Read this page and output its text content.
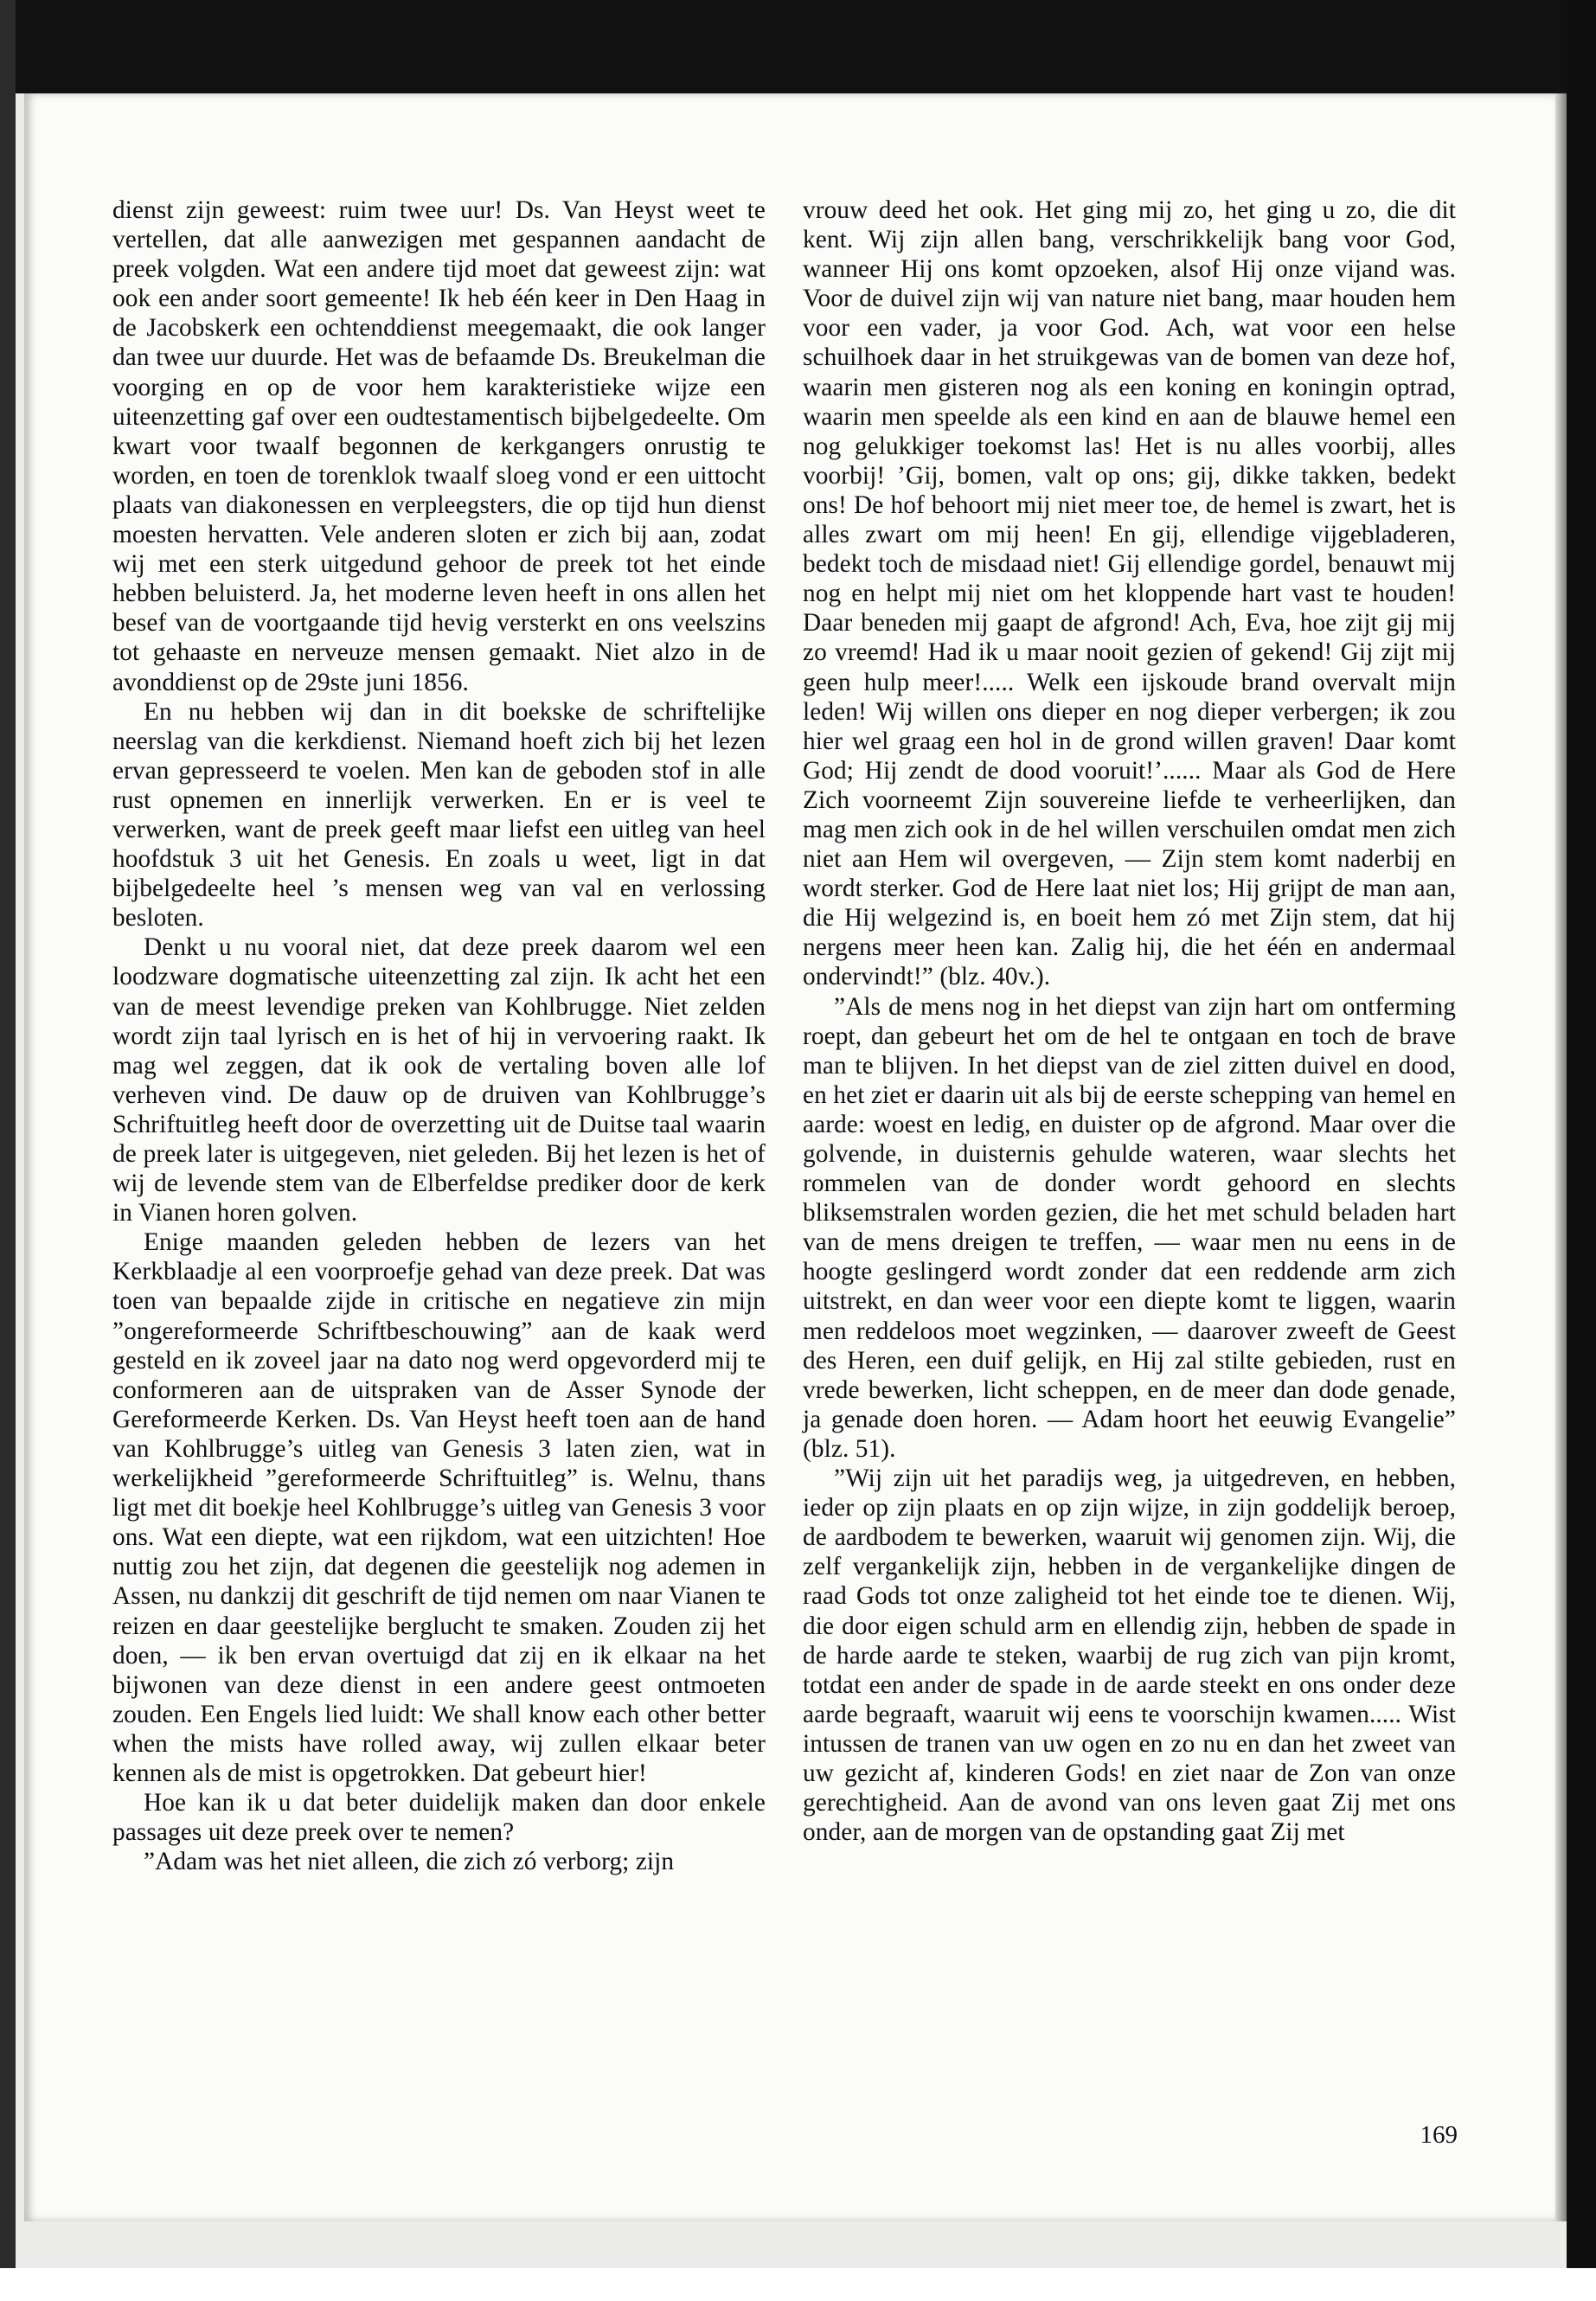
dienst zijn geweest: ruim twee uur! Ds. Van Heyst weet te vertellen, dat alle aanwezigen met gespannen aandacht de preek volgden. Wat een andere tijd moet dat geweest zijn: wat ook een ander soort gemeente! Ik heb één keer in Den Haag in de Jacobskerk een ochtenddienst meegemaakt, die ook langer dan twee uur duurde. Het was de befaamde Ds. Breukelman die voorging en op de voor hem karakteristieke wijze een uiteenzetting gaf over een oudtestamentisch bijbelgedeelte. Om kwart voor twaalf begonnen de kerkgangers onrustig te worden, en toen de torenklok twaalf sloeg vond er een uittocht plaats van diakonessen en verpleegsters, die op tijd hun dienst moesten hervatten. Vele anderen sloten er zich bij aan, zodat wij met een sterk uitgedund gehoor de preek tot het einde hebben beluisterd. Ja, het moderne leven heeft in ons allen het besef van de voortgaande tijd hevig versterkt en ons veelszins tot gehaaste en nerveuze mensen gemaakt. Niet alzo in de avonddienst op de 29ste juni 1856.

En nu hebben wij dan in dit boekske de schriftelijke neerslag van die kerkdienst. Niemand hoeft zich bij het lezen ervan gepresseerd te voelen. Men kan de geboden stof in alle rust opnemen en innerlijk verwerken. En er is veel te verwerken, want de preek geeft maar liefst een uitleg van heel hoofdstuk 3 uit het Genesis. En zoals u weet, ligt in dat bijbelgedeelte heel ’s mensen weg van val en verlossing besloten.

Denkt u nu vooral niet, dat deze preek daarom wel een loodzware dogmatische uiteenzetting zal zijn. Ik acht het een van de meest levendige preken van Kohlbrugge. Niet zelden wordt zijn taal lyrisch en is het of hij in vervoering raakt. Ik mag wel zeggen, dat ik ook de vertaling boven alle lof verheven vind. De dauw op de druiven van Kohlbrugge’s Schriftuitleg heeft door de overzetting uit de Duitse taal waarin de preek later is uitgegeven, niet geleden. Bij het lezen is het of wij de levende stem van de Elberfeldse prediker door de kerk in Vianen horen golven.

Enige maanden geleden hebben de lezers van het Kerkblaadje al een voorproefje gehad van deze preek. Dat was toen van bepaalde zijde in critische en negatieve zin mijn ”ongereformeerde Schriftbeschouwing” aan de kaak werd gesteld en ik zoveel jaar na dato nog werd opgevorderd mij te conformeren aan de uitspraken van de Asser Synode der Gereformeerde Kerken. Ds. Van Heyst heeft toen aan de hand van Kohlbrugge’s uitleg van Genesis 3 laten zien, wat in werkelijkheid ”gereformeerde Schriftuitleg” is. Welnu, thans ligt met dit boekje heel Kohlbrugge’s uitleg van Genesis 3 voor ons. Wat een diepte, wat een rijkdom, wat een uitzichten! Hoe nuttig zou het zijn, dat degenen die geestelijk nog ademen in Assen, nu dankzij dit geschrift de tijd nemen om naar Vianen te reizen en daar geestelijke berglucht te smaken. Zouden zij het doen, — ik ben ervan overtuigd dat zij en ik elkaar na het bijwonen van deze dienst in een andere geest ontmoeten zouden. Een Engels lied luidt: We shall know each other better when the mists have rolled away, wij zullen elkaar beter kennen als de mist is opgetrokken. Dat gebeurt hier!

Hoe kan ik u dat beter duidelijk maken dan door enkele passages uit deze preek over te nemen?

”Adam was het niet alleen, die zich zó verborg; zijn

vrouw deed het ook. Het ging mij zo, het ging u zo, die dit kent. Wij zijn allen bang, verschrikkelijk bang voor God, wanneer Hij ons komt opzoeken, alsof Hij onze vijand was. Voor de duivel zijn wij van nature niet bang, maar houden hem voor een vader, ja voor God. Ach, wat voor een helse schuilhoek daar in het struikgewas van de bomen van deze hof, waarin men gisteren nog als een koning en koningin optrad, waarin men speelde als een kind en aan de blauwe hemel een nog gelukkiger toekomst las! Het is nu alles voorbij, alles voorbij! ’Gij, bomen, valt op ons; gij, dikke takken, bedekt ons! De hof behoort mij niet meer toe, de hemel is zwart, het is alles zwart om mij heen! En gij, ellendige vijgebladeren, bedekt toch de misdaad niet! Gij ellendige gordel, benauwt mij nog en helpt mij niet om het kloppende hart vast te houden! Daar beneden mij gaapt de afgrond! Ach, Eva, hoe zijt gij mij zo vreemd! Had ik u maar nooit gezien of gekend! Gij zijt mij geen hulp meer!..... Welk een ijskoude brand overvalt mijn leden! Wij willen ons dieper en nog dieper verbergen; ik zou hier wel graag een hol in de grond willen graven! Daar komt God; Hij zendt de dood vooruit!’...... Maar als God de Here Zich voorneemt Zijn souvereine liefde te verheerlijken, dan mag men zich ook in de hel willen verschuilen omdat men zich niet aan Hem wil overgeven, — Zijn stem komt naderbij en wordt sterker. God de Here laat niet los; Hij grijpt de man aan, die Hij welgezind is, en boeit hem zó met Zijn stem, dat hij nergens meer heen kan. Zalig hij, die het één en andermaal ondervindt!” (blz. 40v.).

”Als de mens nog in het diepst van zijn hart om ontferming roept, dan gebeurt het om de hel te ontgaan en toch de brave man te blijven. In het diepst van de ziel zitten duivel en dood, en het ziet er daarin uit als bij de eerste schepping van hemel en aarde: woest en ledig, en duister op de afgrond. Maar over die golvende, in duisternis gehulde wateren, waar slechts het rommelen van de donder wordt gehoord en slechts bliksemstralen worden gezien, die het met schuld beladen hart van de mens dreigen te treffen, — waar men nu eens in de hoogte geslingerd wordt zonder dat een reddende arm zich uitstrekt, en dan weer voor een diepte komt te liggen, waarin men reddeloos moet wegzinken, — daarover zweeft de Geest des Heren, een duif gelijk, en Hij zal stilte gebieden, rust en vrede bewerken, licht scheppen, en de meer dan dode genade, ja genade doen horen. — Adam hoort het eeuwig Evangelie” (blz. 51).

”Wij zijn uit het paradijs weg, ja uitgedreven, en hebben, ieder op zijn plaats en op zijn wijze, in zijn goddelijk beroep, de aardbodem te bewerken, waaruit wij genomen zijn. Wij, die zelf vergankelijk zijn, hebben in de vergankelijke dingen de raad Gods tot onze zaligheid tot het einde toe te dienen. Wij, die door eigen schuld arm en ellendig zijn, hebben de spade in de harde aarde te steken, waarbij de rug zich van pijn kromt, totdat een ander de spade in de aarde steekt en ons onder deze aarde begraaft, waaruit wij eens te voorschijn kwamen..... Wist intussen de tranen van uw ogen en zo nu en dan het zweet van uw gezicht af, kinderen Gods! en ziet naar de Zon van onze gerechtigheid. Aan de avond van ons leven gaat Zij met ons onder, aan de morgen van de opstanding gaat Zij met

169
